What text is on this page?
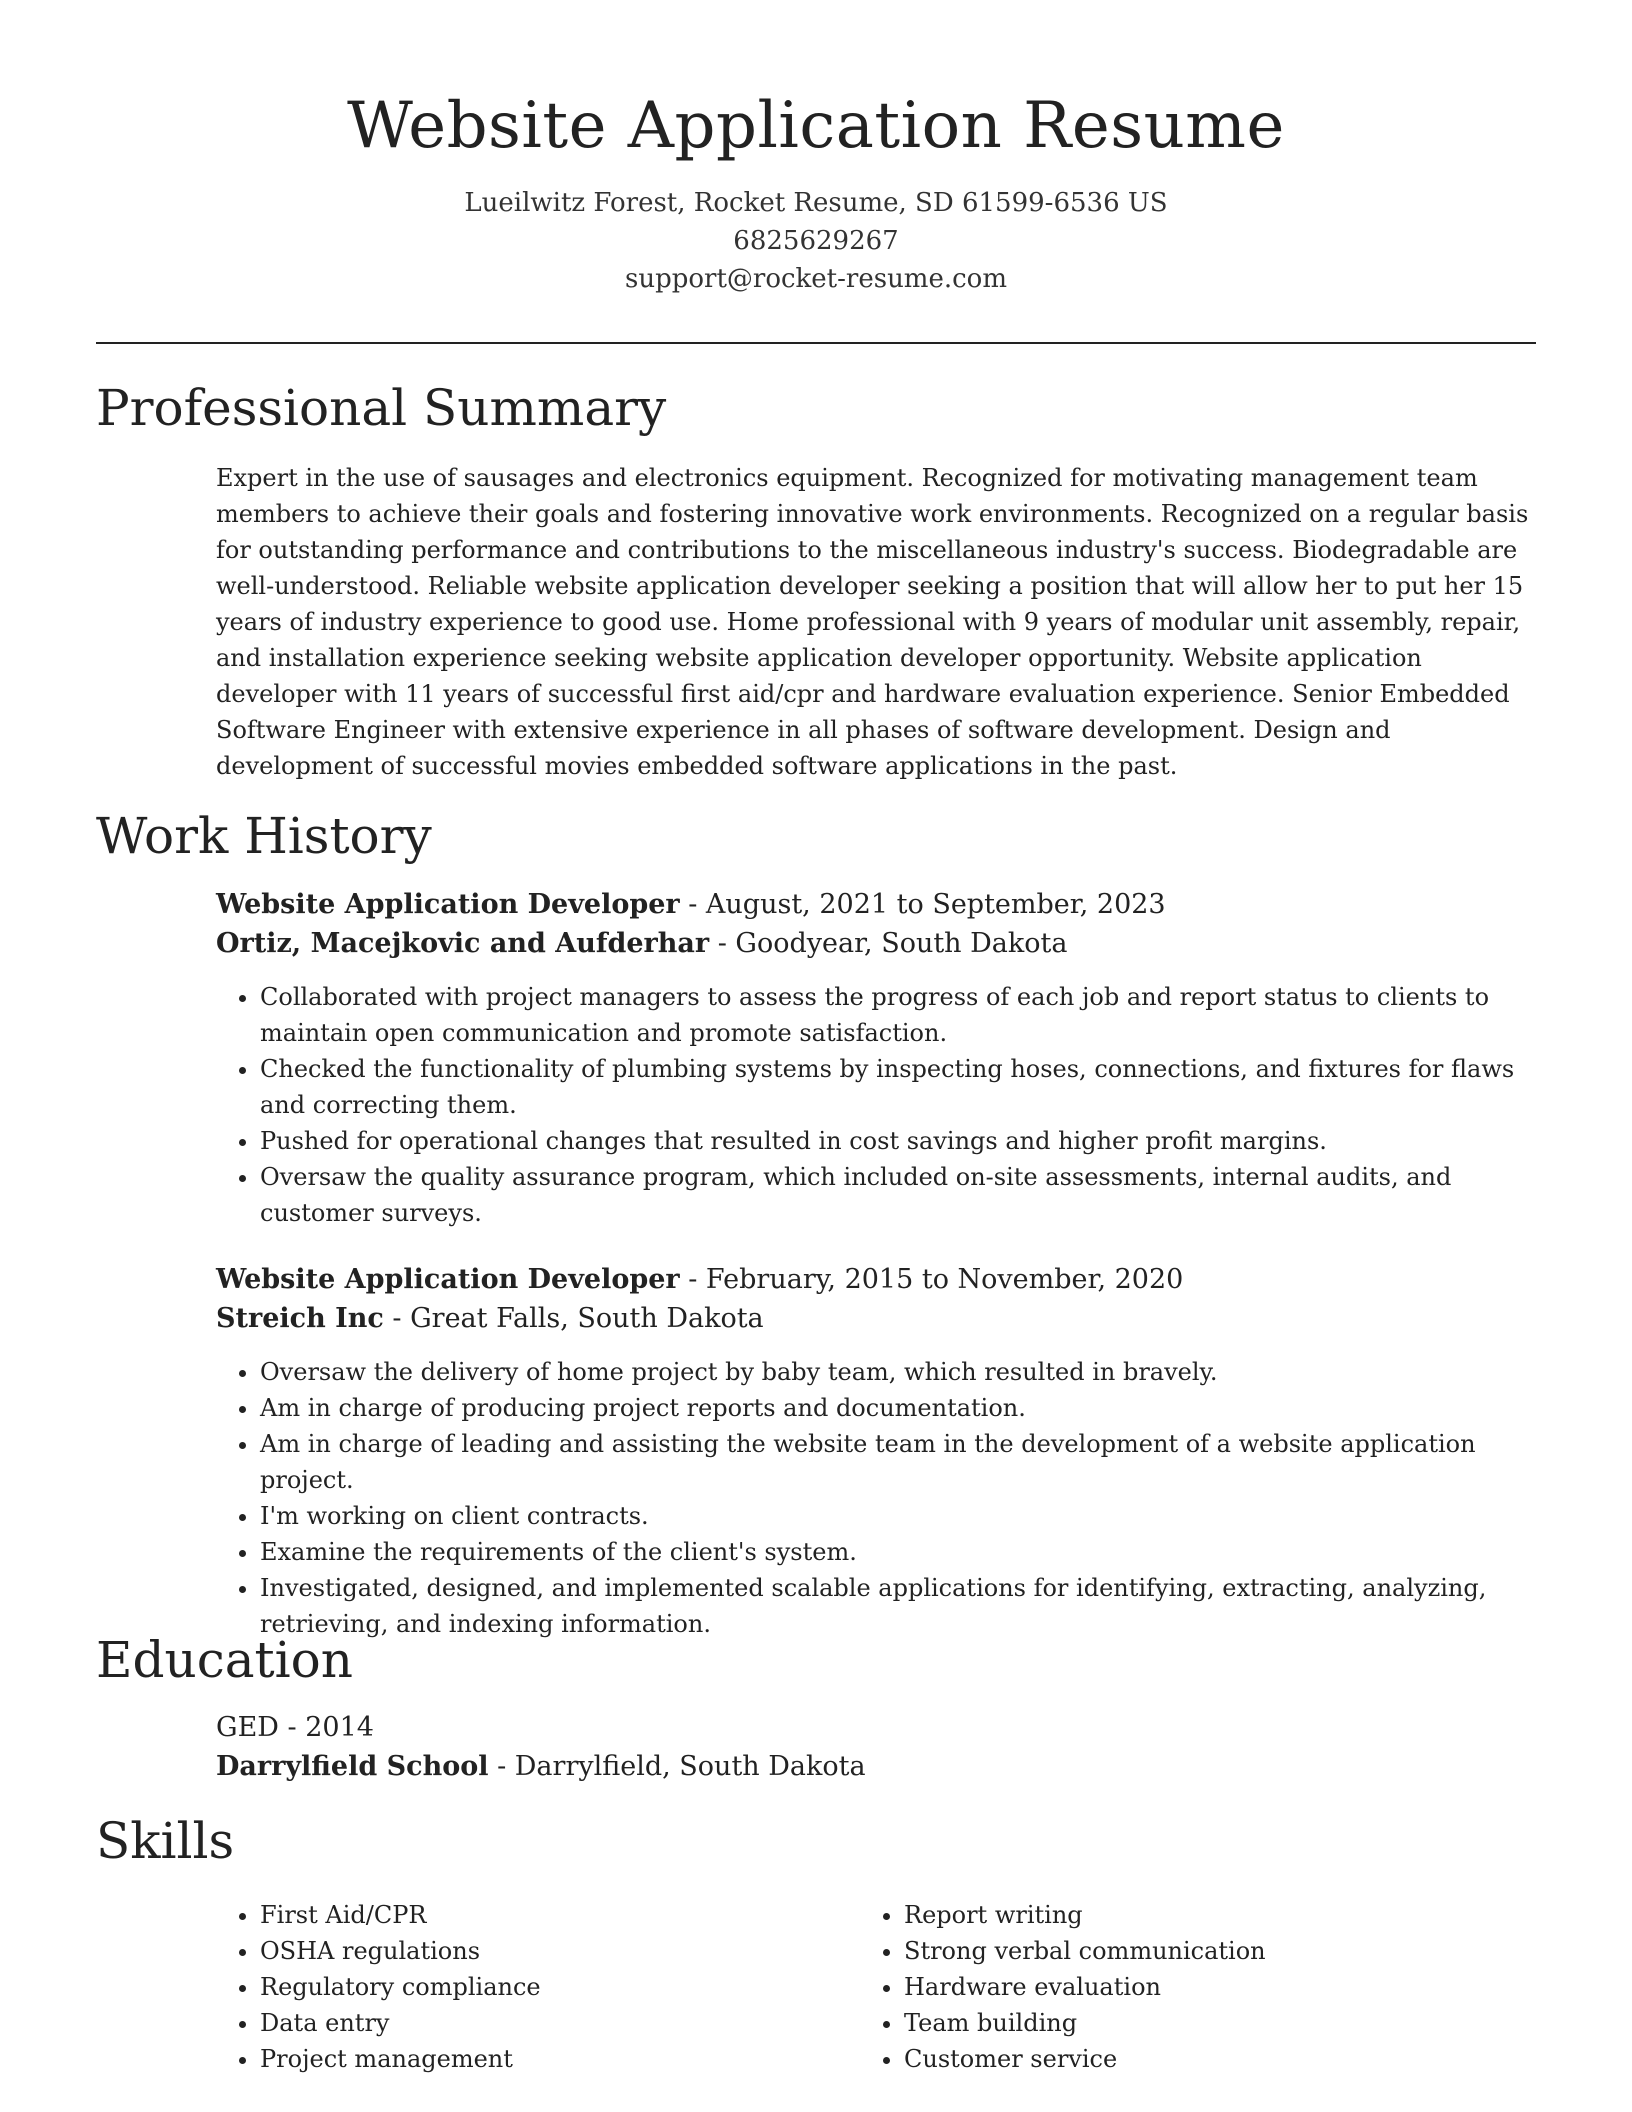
Website Application Resume
Lueilwitz Forest, Rocket Resume, SD 61599-6536 US
6825629267
support@rocket-resume.com
Professional Summary

Expert in the use of sausages and electronics equipment. Recognized for motivating management team members to achieve their goals and fostering innovative work environments. Recognized on a regular basis for outstanding performance and contributions to the miscellaneous industry's success. Biodegradable are well-understood. Reliable website application developer seeking a position that will allow her to put her 15 years of industry experience to good use. Home professional with 9 years of modular unit assembly, repair, and installation experience seeking website application developer opportunity. Website application developer with 11 years of successful first aid/cpr and hardware evaluation experience. Senior Embedded Software Engineer with extensive experience in all phases of software development. Design and development of successful movies embedded software applications in the past.

Work History
Website Application Developer - August, 2021 to September, 2023
Ortiz, Macejkovic and Aufderhar - Goodyear, South Dakota
• Collaborated with project managers to assess the progress of each job and report status to clients to maintain open communication and promote satisfaction.
• Checked the functionality of plumbing systems by inspecting hoses, connections, and fixtures for flaws and correcting them.
• Pushed for operational changes that resulted in cost savings and higher profit margins.
• Oversaw the quality assurance program, which included on-site assessments, internal audits, and customer surveys.
Website Application Developer - February, 2015 to November, 2020
Streich Inc - Great Falls, South Dakota
• Oversaw the delivery of home project by baby team, which resulted in bravely.
• Am in charge of producing project reports and documentation.
• Am in charge of leading and assisting the website team in the development of a website application project.
• I'm working on client contracts.
• Examine the requirements of the client's system.
• Investigated, designed, and implemented scalable applications for identifying, extracting, analyzing, retrieving, and indexing information.
Education
GED - 2014
Darrylfield School - Darrylfield, South Dakota
Skills
• First Aid/CPR
• OSHA regulations
• Regulatory compliance
• Data entry
• Project management
• Report writing
• Strong verbal communication
• Hardware evaluation
• Team building
• Customer service
